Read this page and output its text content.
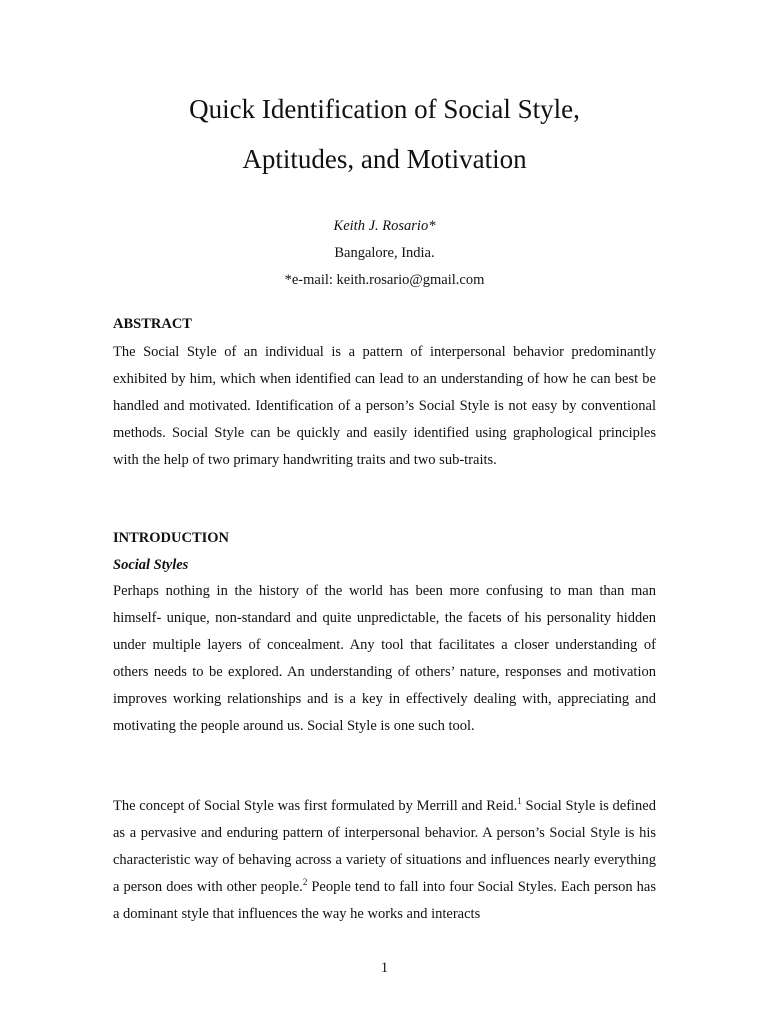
Quick Identification of Social Style,
Aptitudes, and Motivation
Keith J. Rosario*
Bangalore, India.
*e-mail: keith.rosario@gmail.com
ABSTRACT

The Social Style of an individual is a pattern of interpersonal behavior predominantly exhibited by him, which when identified can lead to an understanding of how he can best be handled and motivated. Identification of a person’s Social Style is not easy by conventional methods. Social Style can be quickly and easily identified using graphological principles with the help of two primary handwriting traits and two sub-traits.

INTRODUCTION
Social Styles

Perhaps nothing in the history of the world has been more confusing to man than man himself- unique, non-standard and quite unpredictable, the facets of his personality hidden under multiple layers of concealment. Any tool that facilitates a closer understanding of others needs to be explored. An understanding of others’ nature, responses and motivation improves working relationships and is a key in effectively dealing with, appreciating and motivating the people around us. Social Style is one such tool.

The concept of Social Style was first formulated by Merrill and Reid.$^1$ Social Style is defined as a pervasive and enduring pattern of interpersonal behavior. A person’s Social Style is his characteristic way of behaving across a variety of situations and influences nearly everything a person does with other people.$^2$ People tend to fall into four Social Styles. Each person has a dominant style that influences the way he works and interacts

1
